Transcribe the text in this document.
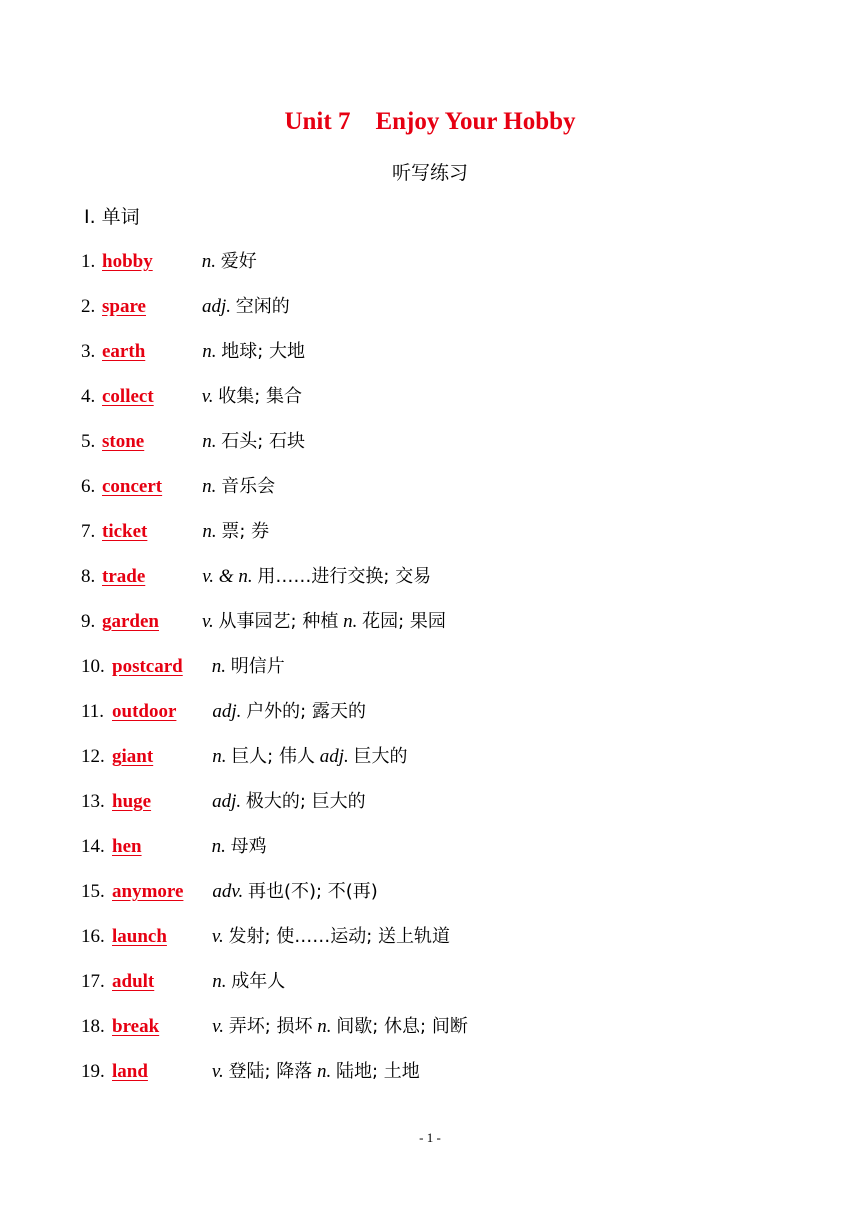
Unit 7    Enjoy Your Hobby
听写练习
Ⅰ. 单词
1. hobby	n. 爱好
2. spare	adj. 空闲的
3. earth	n. 地球; 大地
4. collect	v. 收集; 集合
5. stone	n. 石头; 石块
6. concert n. 音乐会
7. ticket	n. 票; 券
8. trade	v. & n. 用……进行交换; 交易
9. garden v. 从事园艺; 种植 n. 花园; 果园
10. postcard n. 明信片
11. outdoor adj. 户外的; 露天的
12. giant	n. 巨人; 伟人 adj. 巨大的
13. huge	adj. 极大的; 巨大的
14. hen	n. 母鸡
15. anymore adv. 再也(不); 不(再)
16. launch v. 发射; 使……运动; 送上轨道
17. adult	n. 成年人
18. break	v. 弄坏; 损坏 n. 间歇; 休息; 间断
19. land	v. 登陆; 降落 n. 陆地; 土地
- 1 -
